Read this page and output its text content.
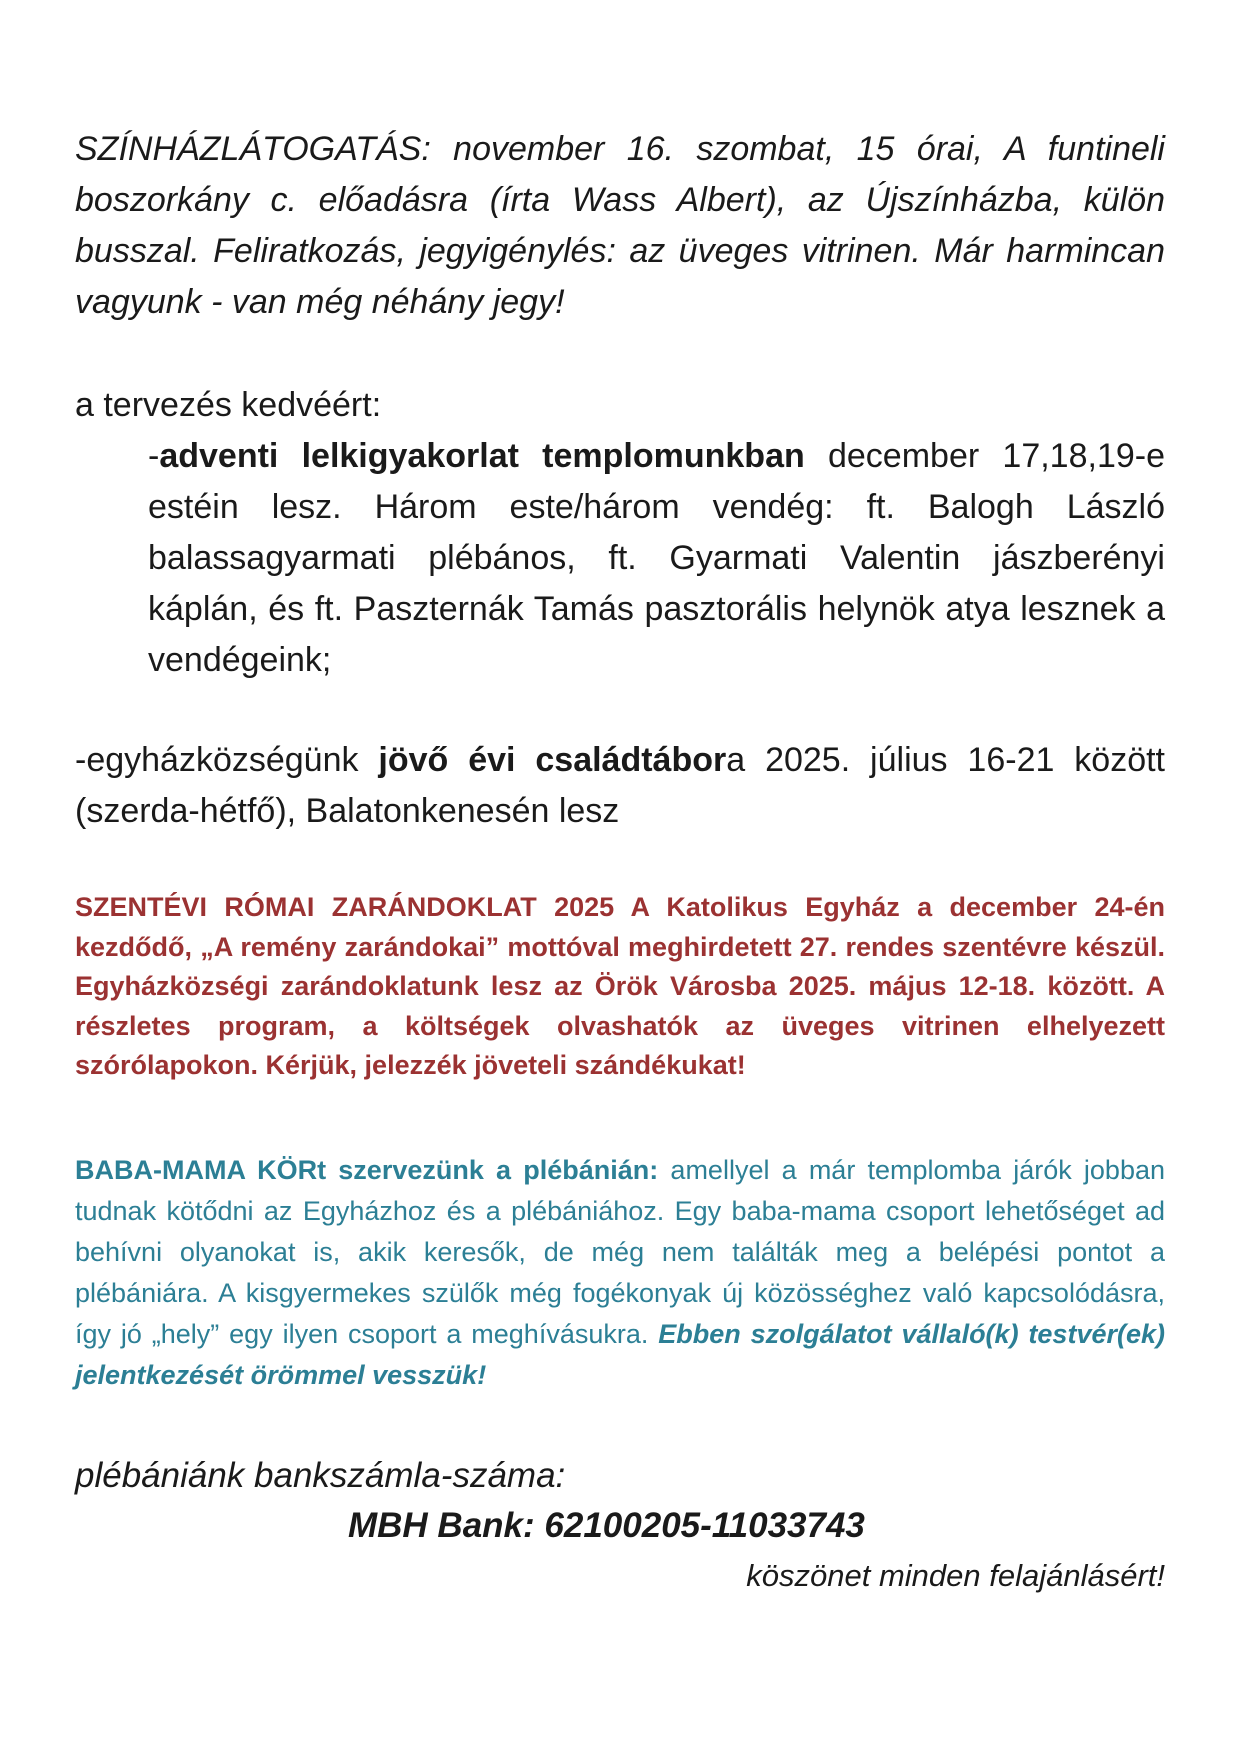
SZÍNHÁZLÁTOGATÁS: november 16. szombat, 15 órai, A funtineli boszorkány c. előadásra (írta Wass Albert), az Újszínházba, külön busszal. Feliratkozás, jegyigénylés: az üveges vitrinen. Már harmincan vagyunk - van még néhány jegy!

a tervezés kedvéért:

-adventi lelkigyakorlat templomunkban december 17,18,19-e estéin lesz. Három este/három vendég: ft. Balogh László balassagyarmati plébános, ft. Gyarmati Valentin jászberényi káplán, és ft. Paszternák Tamás pasztorális helynök atya lesznek a vendégeink;

-egyházközségünk jövő évi családtábora 2025. július 16-21 között (szerda-hétfő), Balatonkenesén lesz

SZENTÉVI RÓMAI ZARÁNDOKLAT 2025 A Katolikus Egyház a december 24-én kezdődő, „A remény zarándokai” mottóval meghirdetett 27. rendes szentévre készül. Egyházközségi zarándoklatunk lesz az Örök Városba 2025. május 12-18. között. A részletes program, a költségek olvashatók az üveges vitrinen elhelyezett szórólapokon. Kérjük, jelezzék jöveteli szándékukat!

BABA-MAMA KÖRt szervezünk a plébánián: amellyel a már templomba járók jobban tudnak kötődni az Egyházhoz és a plébániához. Egy baba-mama csoport lehetőséget ad behívni olyanokat is, akik keresők, de még nem találták meg a belépési pontot a plébániára. A kisgyermekes szülők még fogékonyak új közösséghez való kapcsolódásra, így jó „hely” egy ilyen csoport a meghívásukra. Ebben szolgálatot vállaló(k) testvér(ek) jelentkezését örömmel vesszük!

plébániánk bankszámla-száma:

MBH Bank: 62100205-11033743

köszönet minden felajánlásért!
